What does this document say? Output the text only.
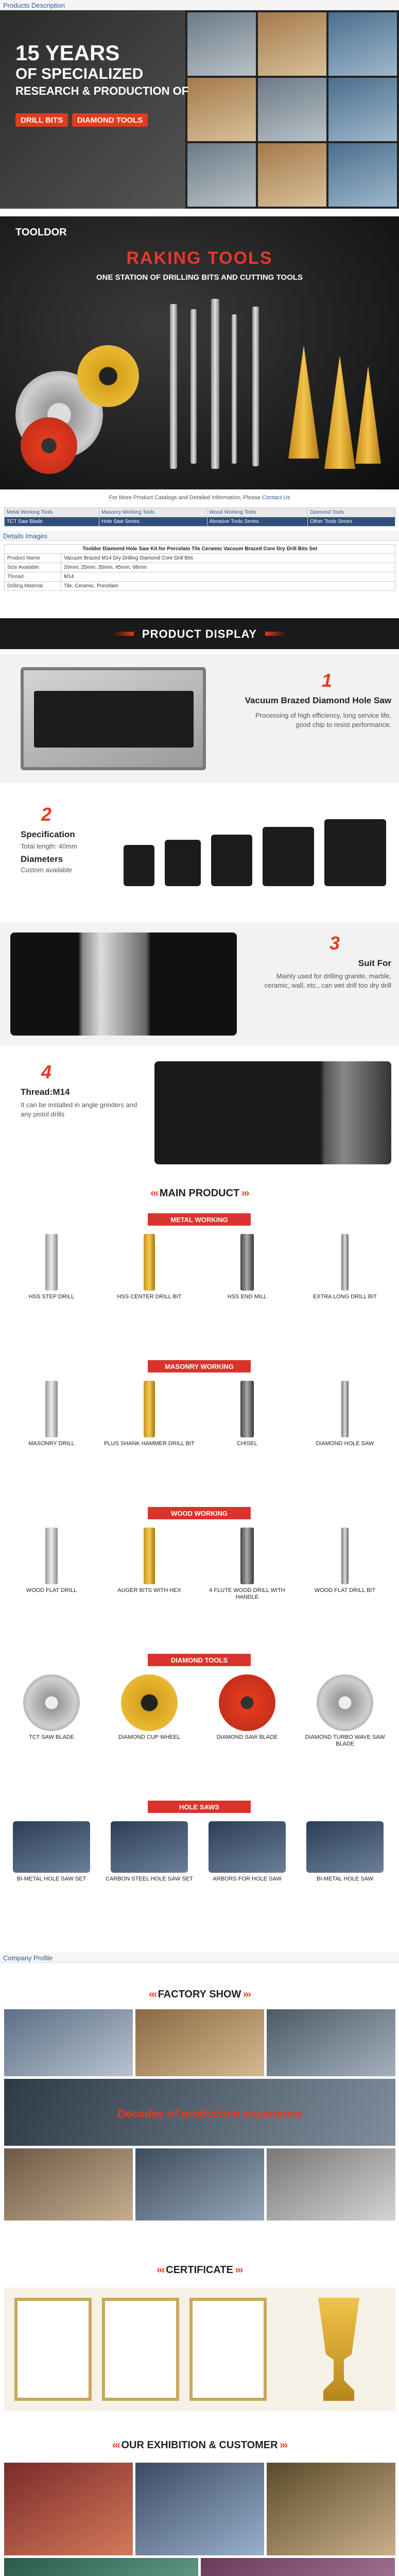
Products Description
15 YEARS
OF SPECIALIZED
RESEARCH & PRODUCTION OF
DRILL BITS	DIAMOND TOOLS
TOOLDOR
RAKING TOOLS
ONE STATION OF DRILLING BITS AND CUTTING TOOLS
For More Product Catalogs and Detailed Information, Please Contact Us
Metal Working Tools	Masonry Working Tools	Wood Working Tools	Diamond Tools
TCT Saw Blade	Hole Saw Series	Abrasive Tools Series	Other Tools Series
Details Images
Tooldor Diamond Hole Saw Kit for Porcelain Tile Ceramic Vacuum Brazed Core Dry Drill Bits Set	
Product Name	Vacuum Brazed M14 Dry Drilling Diamond Core Drill Bits
Size Available	20mm, 25mm, 35mm, 45mm, 68mm
Thread	M14
Drilling Material	Tile, Ceramic, Porcelain
PRODUCT DISPLAY
1
Vacuum Brazed Diamond Hole Saw
Processing of high efficiency, long service life, good chip to resist performance.
2
Specification
Total length: 40mm
Diameters
Custom available
3
Suit For
Mainly used for drilling granite, marble, ceramic, wall, etc., can wet drill too dry drill
4
Thread:M14
It can be installed in angle grinders and any pistol drills
‹‹‹ MAIN PRODUCT ›››
METAL WORKING
HSS STEP DRILL	HSS CENTER DRILL BIT	HSS END MILL	EXTRA LONG DRILL BIT
MASONRY WORKING
MASONRY DRILL	PLUS SHANK HAMMER DRILL BIT	CHISEL	DIAMOND HOLE SAW
WOOD WORKING
WOOD FLAT DRILL	AUGER BITS WITH HEX	4 FLUTE WOOD DRILL WITH HANDLE
WOOD FLAT DRILL BIT
DIAMOND TOOLS
TCT SAW BLADE	DIAMOND CUP WHEEL	DIAMOND SAW BLADE	DIAMOND TURBO WAVE SAW BLADE
HOLE SAWS
BI-METAL HOLE SAW SET	CARBON STEEL HOLE SAW SET	ARBORS FOR HOLE SAW	BI-METAL HOLE SAW
Company Profile
‹‹‹ FACTORY SHOW ›››
Decades of production experience
‹‹‹ CERTIFICATE ›››
‹‹‹ OUR EXHIBITION & CUSTOMER ›››
